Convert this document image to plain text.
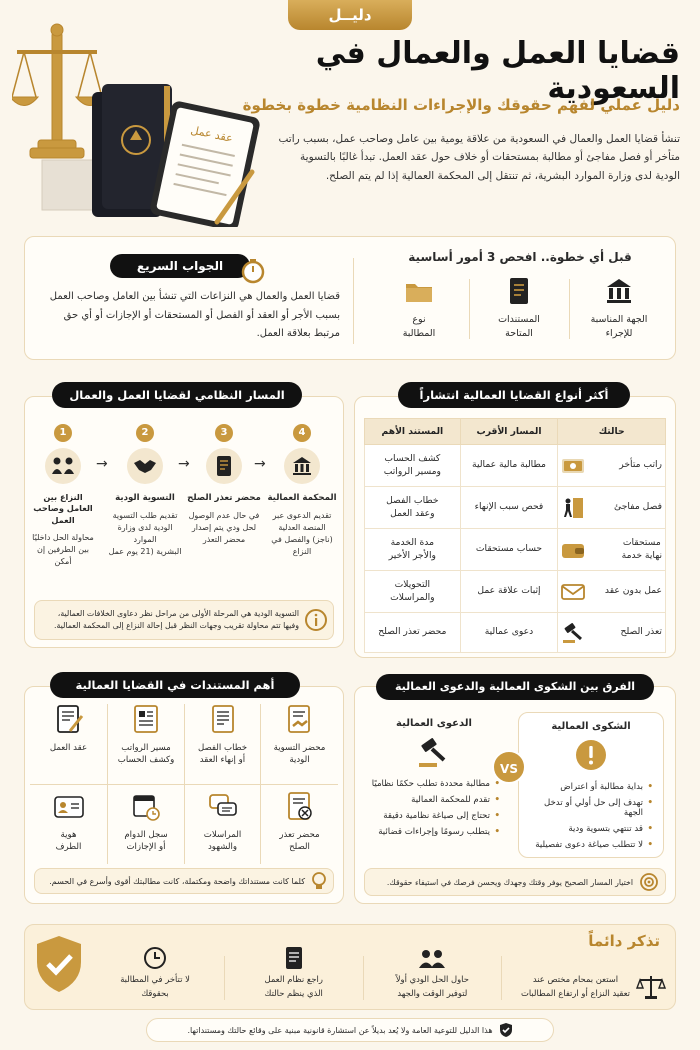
دليــل
عقد عمل
قضايا العمل والعمال في السعودية
دليل عملي لفهم حقوقك والإجراءات النظامية خطوة بخطوة
تنشأ قضايا العمل والعمال في السعودية من علاقة يومية بين عامل وصاحب عمل، بسبب راتب متأخر أو فصل مفاجئ أو مطالبة بمستحقات أو خلاف حول عقد العمل. تبدأ غالبًا بالتسوية الودية لدى وزارة الموارد البشرية، ثم تنتقل إلى المحكمة العمالية إذا لم يتم الصلح.
قبل أي خطوة.. افحص 3 أمور أساسية
الجهة المناسبة
للإجراء
المستندات
المتاحة
نوع
المطالبة
الجواب السريع
قضايا العمل والعمال هي النزاعات التي تنشأ بين العامل وصاحب العمل بسبب الأجر أو العقد أو الفصل أو المستحقات أو الإجازات أو أي حق مرتبط بعلاقة العمل.
المسار النظامي لقضايا العمل والعمال
4
المحكمة العمالية
تقديم الدعوى عبر
المنصة العدلية
(ناجز) والفصل في
النزاع
→
3
محضر تعذر الصلح
في حال عدم الوصول
لحل ودي يتم إصدار
محضر التعذر
→
2
التسوية الودية
تقديم طلب التسوية
الودية لدى وزارة الموارد
البشرية (21 يوم عمل
→
1
النزاع بين
العامل وصاحب العمل
محاولة الحل داخليًا
بين الطرفين إن أمكن
التسوية الودية هي المرحلة الأولى من مراحل نظر دعاوى الخلافات العمالية، وفيها تتم محاولة تقريب وجهات النظر قبل إحالة النزاع إلى المحكمة العمالية.
أكثر أنواع القضايا العمالية انتشاراً
حالتك	المسار الأقرب	المستند الأهم

راتب متأخر	مطالبة مالية عمالية	كشف الحساب
ومسير الرواتب

فصل مفاجئ	فحص سبب الإنهاء	خطاب الفصل
وعقد العمل

مستحقات
نهاية خدمة	حساب مستحقات	مدة الخدمة
والأجر الأخير

عمل بدون عقد	إثبات علاقة عمل	التحويلات
والمراسلات

تعذر الصلح	دعوى عمالية	محضر تعذر الصلح
أهم المستندات في القضايا العمالية
محضر التسوية
الودية
خطاب الفصل
أو إنهاء العقد
مسير الرواتب
وكشف الحساب
عقد العمل
محضر تعذر
الصلح
المراسلات
والشهود
سجل الدوام
أو الإجازات
هوية
الطرف
كلما كانت مستنداتك واضحة ومكتملة، كانت مطالبتك أقوى وأسرع في الحسم.
الفرق بين الشكوى العمالية والدعوى العمالية
الشكوى العمالية
• بداية مطالبة أو اعتراض
• تهدف إلى حل أولي أو تدخل الجهة
• قد تنتهي بتسوية ودية
• لا تتطلب صياغة دعوى تفصيلية
VS
الدعوى العمالية
• مطالبة محددة تطلب حكمًا نظاميًا
• تقدم للمحكمة العمالية
• تحتاج إلى صياغة نظامية دقيقة
• يتطلب رسومًا وإجراءات قضائية
اختيار المسار الصحيح يوفر وقتك وجهدك ويحسن فرصك في استيفاء حقوقك.
تذكر دائماً
استعن بمحام مختص عند
تعقيد النزاع أو ارتفاع المطالبات
حاول الحل الودي أولاً
لتوفير الوقت والجهد
راجع نظام العمل
الذي ينظم حالتك
لا تتأخر في المطالبة
بحقوقك
هذا الدليل للتوعية العامة ولا يُعد بديلاً عن استشارة قانونية مبنية على وقائع حالتك ومستنداتها.
